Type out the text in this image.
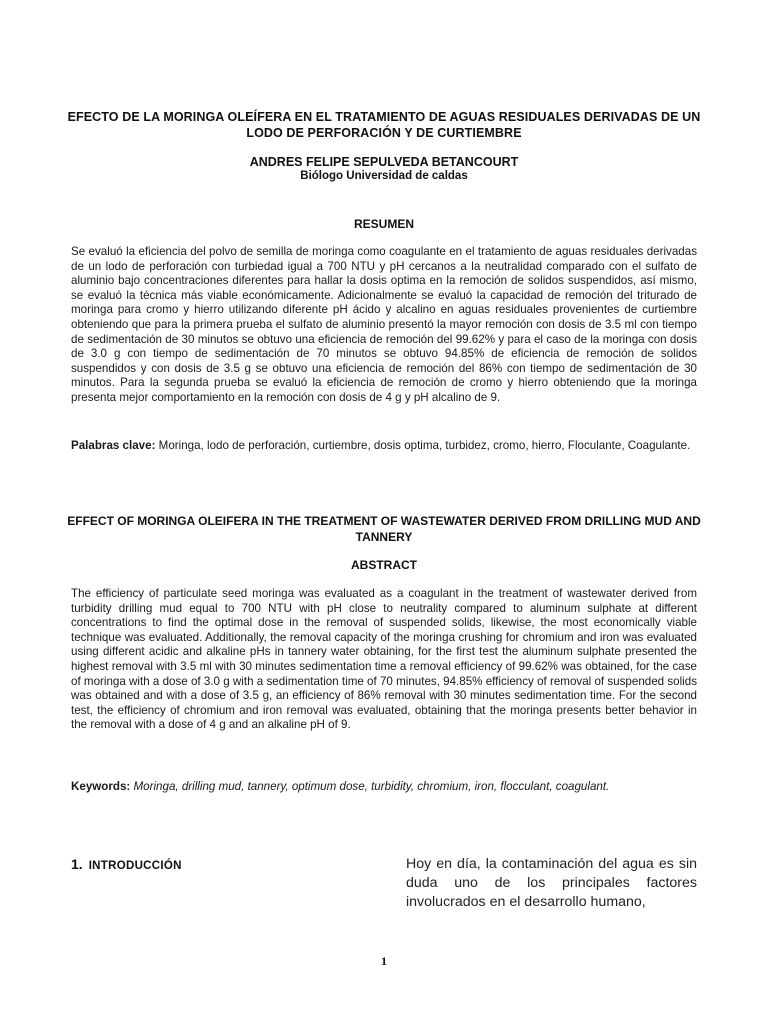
EFECTO DE LA MORINGA OLEÍFERA EN EL TRATAMIENTO DE AGUAS RESIDUALES DERIVADAS DE UN LODO DE PERFORACIÓN Y DE CURTIEMBRE
ANDRES FELIPE SEPULVEDA BETANCOURT
Biólogo Universidad de caldas
RESUMEN
Se evaluó la eficiencia del polvo de semilla de moringa como coagulante en el tratamiento de aguas residuales derivadas de un lodo de perforación con turbiedad igual a 700 NTU y pH cercanos a la neutralidad comparado con el sulfato de aluminio bajo concentraciones diferentes para hallar la dosis optima en la remoción de solidos suspendidos, así mismo, se evaluó la técnica más viable económicamente. Adicionalmente se evaluó la capacidad de remoción del triturado de moringa para cromo y hierro utilizando diferente pH ácido y alcalino en aguas residuales provenientes de curtiembre obteniendo que para la primera prueba el sulfato de aluminio presentó la mayor remoción con dosis de 3.5 ml con tiempo de sedimentación de 30 minutos se obtuvo una eficiencia de remoción del 99.62% y para el caso de la moringa con dosis de 3.0 g con tiempo de sedimentación de 70 minutos se obtuvo 94.85% de eficiencia de remoción de solidos suspendidos y con dosis de 3.5 g se obtuvo una eficiencia de remoción del 86% con tiempo de sedimentación de 30 minutos. Para la segunda prueba se evaluó la eficiencia de remoción de cromo y hierro obteniendo que la moringa presenta mejor comportamiento en la remoción con dosis de 4 g y pH alcalino de 9.
Palabras clave: Moringa, lodo de perforación, curtiembre, dosis optima, turbidez, cromo, hierro, Floculante, Coagulante.
EFFECT OF MORINGA OLEIFERA IN THE TREATMENT OF WASTEWATER DERIVED FROM DRILLING MUD AND TANNERY
ABSTRACT
The efficiency of particulate seed moringa was evaluated as a coagulant in the treatment of wastewater derived from turbidity drilling mud equal to 700 NTU with pH close to neutrality compared to aluminum sulphate at different concentrations to find the optimal dose in the removal of suspended solids, likewise, the most economically viable technique was evaluated. Additionally, the removal capacity of the moringa crushing for chromium and iron was evaluated using different acidic and alkaline pHs in tannery water obtaining, for the first test the aluminum sulphate presented the highest removal with 3.5 ml with 30 minutes sedimentation time a removal efficiency of 99.62% was obtained, for the case of moringa with a dose of 3.0 g with a sedimentation time of 70 minutes, 94.85% efficiency of removal of suspended solids was obtained and with a dose of 3.5 g, an efficiency of 86% removal with 30 minutes sedimentation time. For the second test, the efficiency of chromium and iron removal was evaluated, obtaining that the moringa presents better behavior in the removal with a dose of 4 g and an alkaline pH of 9.
Keywords: Moringa, drilling mud, tannery, optimum dose, turbidity, chromium, iron, flocculant, coagulant.
1. INTRODUCCIÓN	Hoy en día, la contaminación del agua es sin duda uno de los principales factores involucrados en el desarrollo humano,
1
